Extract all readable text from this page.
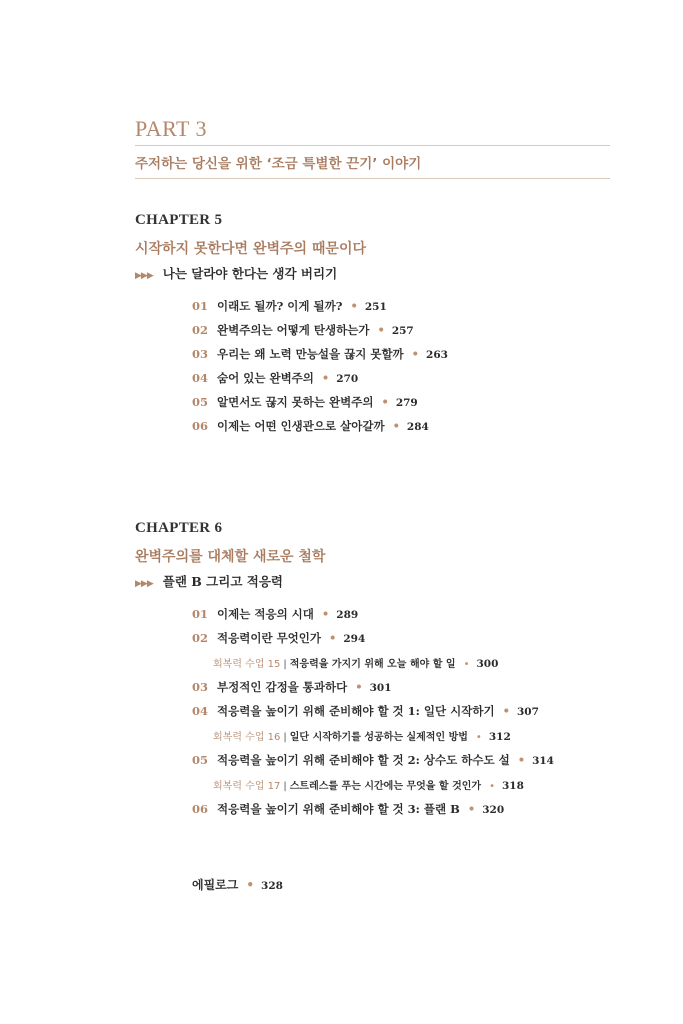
PART 3
주저하는 당신을 위한 ‘조금 특별한 끈기’ 이야기
CHAPTER 5
시작하지 못한다면 완벽주의 때문이다
▶▶▶ 나는 달라야 한다는 생각 버리기
01 이래도 될까? 이게 될까? • 251
02 완벽주의는 어떻게 탄생하는가 • 257
03 우리는 왜 노력 만능설을 끊지 못할까 • 263
04 숨어 있는 완벽주의 • 270
05 알면서도 끊지 못하는 완벽주의 • 279
06 이제는 어떤 인생관으로 살아갈까 • 284
CHAPTER 6
완벽주의를 대체할 새로운 철학
▶▶▶ 플랜 B 그리고 적응력
01 이제는 적응의 시대 • 289
02 적응력이란 무엇인가 • 294
회복력 수업 15 | 적응력을 가지기 위해 오늘 해야 할 일 • 300
03 부정적인 감정을 통과하다 • 301
04 적응력을 높이기 위해 준비해야 할 것 1: 일단 시작하기 • 307
회복력 수업 16 | 일단 시작하기를 성공하는 실제적인 방법 • 312
05 적응력을 높이기 위해 준비해야 할 것 2: 상수도 하수도 설 • 314
회복력 수업 17 | 스트레스를 푸는 시간에는 무엇을 할 것인가 • 318
06 적응력을 높이기 위해 준비해야 할 것 3: 플랜 B • 320
에필로그 • 328
